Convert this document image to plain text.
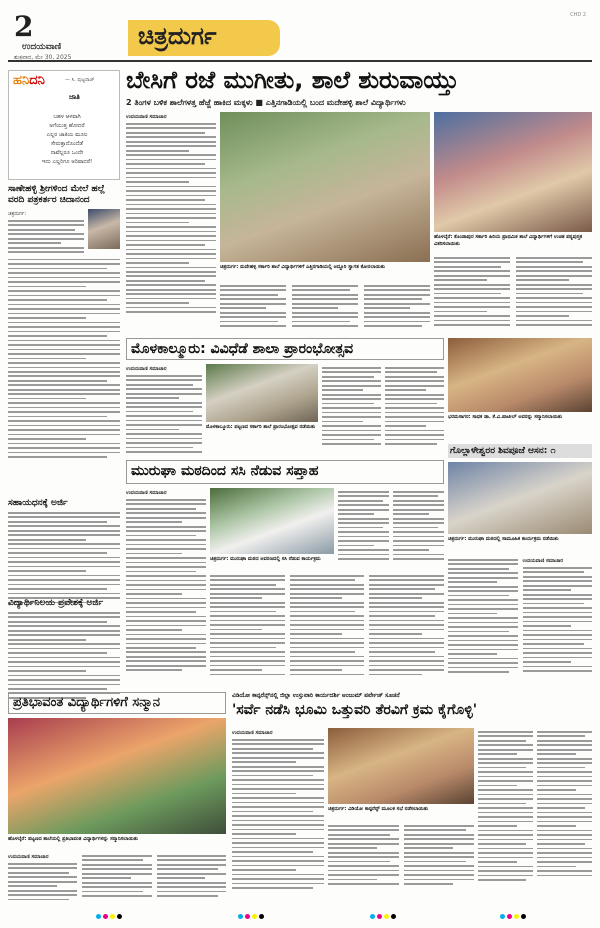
2
ಉದಯವಾಣಿ
ಶುಕ್ರವಾರ, ಮೇ 30, 2025
ಚಿತ್ರದುರ್ಗ
CHD 2
ಹನಿದನಿ	— ಸಿ. ಪುಟ್ಟರಾಜ್
ಜಾತಿ

ಬಹಳ ಆಳವಾಗಿ

ಅಗೆಯುತ್ತ ಹೋದರೆ

ಎಲ್ಲರ ಜಾತಿಯ ಮೂಲ

ಸೇರುತ್ತಾದೊಂದೆಡೆ

ನಾವೆಲ್ಲರೂ ಒಂದೇ

ಇದು ಎಲ್ಲರಿಗೂ ಅರಿವಾದರೆ!

ಸಾಣೇಹಳ್ಳಿ ಶ್ರೀಗಳಿಂದ ಮೇಲೆ ಹಲ್ಲೆ ವರದಿ ಪತ್ರಕರ್ತರ ಚಿದಾನಂದ
ಚಿತ್ರದುರ್ಗ:
ಸಹಾಯಧನಕ್ಕೆ ಅರ್ಜಿ
ವಿದ್ಯಾರ್ಥಿನಿಲಯ ಪ್ರವೇಶಕ್ಕೆ ಅರ್ಜಿ
ಬೇಸಿಗೆ ರಜೆ ಮುಗೀತು, ಶಾಲೆ ಶುರುವಾಯ್ತು
2 ತಿಂಗಳ ಬಳಿಕ ಶಾಲೆಗಳತ್ತ ಹೆಜ್ಜೆ ಹಾಕಿದ ಮಕ್ಕಳು ■ ಎತ್ತಿನಗಾಡಿಯಲ್ಲಿ ಬಂದ ಮದೇಹಳ್ಳಿ ಶಾಲೆ ವಿದ್ಯಾರ್ಥಿಗಳು
ಉದಯವಾಣಿ ಸಮಾಚಾರ
ಚಿತ್ರದುರ್ಗ: ಮದೇಹಳ್ಳಿ ಸರ್ಕಾರಿ ಶಾಲೆ ವಿದ್ಯಾರ್ಥಿಗಳಿಗೆ ಎತ್ತಿನಗಾಡಿಯಲ್ಲಿ ಅದ್ದೂರಿ ಸ್ವಾಗತ ಕೋರಲಾಯಿತು
ಹೊಳಲ್ಕೆರೆ: ಕೊಂಡಾಪುರ ಸರ್ಕಾರಿ ಹಿರಿಯ ಪ್ರಾಥಮಿಕ ಶಾಲೆ ವಿದ್ಯಾರ್ಥಿಗಳಿಗೆ ಉಚಿತ ಪಠ್ಯಪುಸ್ತಕ ವಿತರಿಸಲಾಯಿತು
ಮೊಳಕಾಲ್ಮೂರು: ವಿವಿಧೆಡೆ ಶಾಲಾ ಪ್ರಾರಂಭೋತ್ಸವ
ಉದಯವಾಣಿ ಸಮಾಚಾರ
ಮೊಳಕಾಲ್ಮೂರು: ಪಟ್ಟಣದ ಸರ್ಕಾರಿ ಶಾಲೆ ಪ್ರಾರಂಭೋತ್ಸವ ನಡೆಯಿತು
ಭರಮಸಾಗರ: ಸಾಧಕ ಡಾ. ಕೆ.ವಿ.ಪಾಟೀಲ್ ಅವರನ್ನು ಸನ್ಮಾನಿಸಲಾಯಿತು
ಗೊಲ್ಲಾಳೇಶ್ವರರ ಶಿವಪೂಜೆ ಆಸನ: ೧
ಮುರುಘಾ ಮಠದಿಂದ ಸಸಿ ನೆಡುವ ಸಪ್ತಾಹ
ಉದಯವಾಣಿ ಸಮಾಚಾರ
ಚಿತ್ರದುರ್ಗ: ಮುರುಘಾ ಮಠದ ಆವರಣದಲ್ಲಿ ಸಸಿ ನೆಡುವ ಕಾರ್ಯಕ್ರಮ
ಚಿತ್ರದುರ್ಗ: ಮುರುಘಾ ಮಠದಲ್ಲಿ ಸಾಮೂಹಿಕ ಕಾರ್ಯಕ್ರಮ ನಡೆಯಿತು
ಉದಯವಾಣಿ ಸಮಾಚಾರ
ಪ್ರತಿಭಾವಂತ ವಿದ್ಯಾರ್ಥಿಗಳಿಗೆ ಸನ್ಮಾನ
ಹೊಳಲ್ಕೆರೆ: ಪಟ್ಟಣದ ಶಾಲೆಯಲ್ಲಿ ಪ್ರತಿಭಾವಂತ ವಿದ್ಯಾರ್ಥಿಗಳನ್ನು ಸನ್ಮಾನಿಸಲಾಯಿತು
ಉದಯವಾಣಿ ಸಮಾಚಾರ
ವಿಡಿಯೋ ಕಾನ್ಫರೆನ್ಸ್‌ನಲ್ಲಿ ಜಿಲ್ಲಾ ಉಸ್ತುವಾರಿ ಕಾರ್ಯದರ್ಶಿ ಅಂಜುಮ್ ಪರ್ವೇಜ್ ಸೂಚನೆ
'ಸರ್ವೆ ನಡೆಸಿ ಭೂಮಿ ಒತ್ತುವರಿ ತೆರವಿಗೆ ಕ್ರಮ ಕೈಗೊಳ್ಳಿ'
ಉದಯವಾಣಿ ಸಮಾಚಾರ
ಚಿತ್ರದುರ್ಗ: ವಿಡಿಯೋ ಕಾನ್ಫರೆನ್ಸ್ ಮೂಲಕ ಸಭೆ ನಡೆಸಲಾಯಿತು
